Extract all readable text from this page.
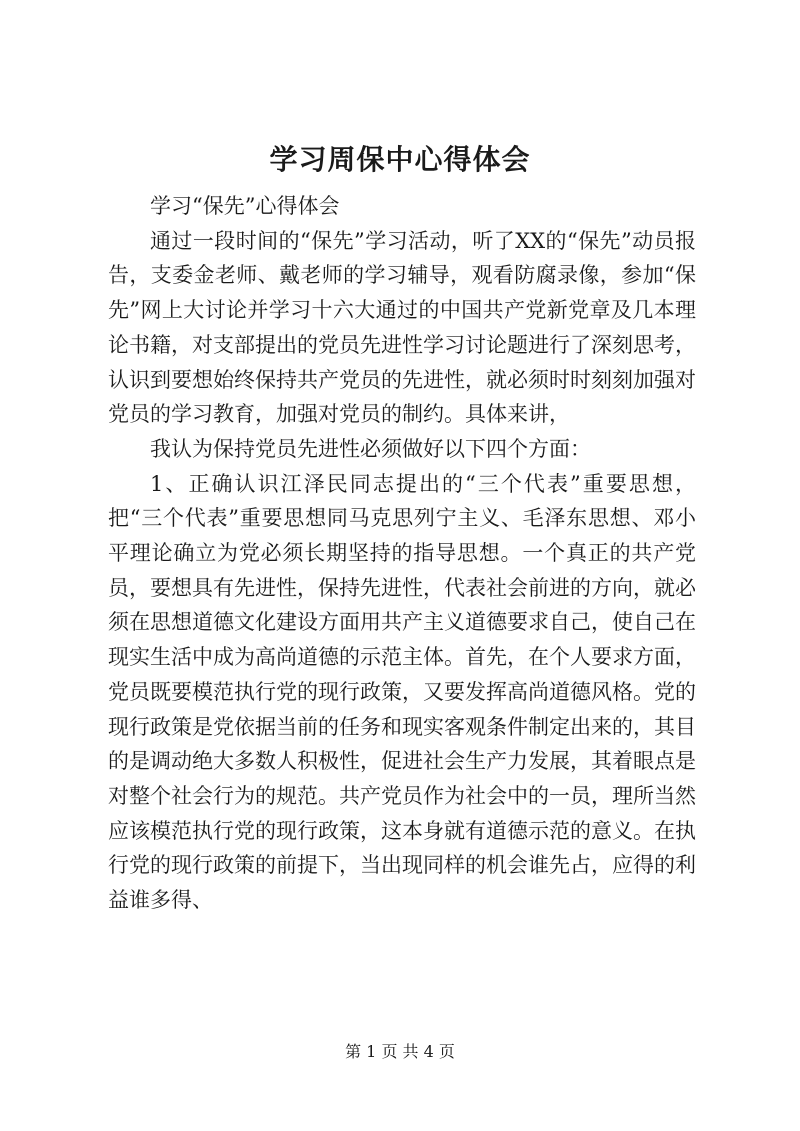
学习周保中心得体会

学习“保先”心得体会

通过一段时间的“保先”学习活动，听了XX的“保先”动员报告，支委金老师、戴老师的学习辅导，观看防腐录像，参加“保先”网上大讨论并学习十六大通过的中国共产党新党章及几本理论书籍，对支部提出的党员先进性学习讨论题进行了深刻思考，认识到要想始终保持共产党员的先进性，就必须时时刻刻加强对党员的学习教育，加强对党员的制约。具体来讲，

我认为保持党员先进性必须做好以下四个方面：

1、正确认识江泽民同志提出的“三个代表”重要思想，把“三个代表”重要思想同马克思列宁主义、毛泽东思想、邓小平理论确立为党必须长期坚持的指导思想。一个真正的共产党员，要想具有先进性，保持先进性，代表社会前进的方向，就必须在思想道德文化建设方面用共产主义道德要求自己，使自己在现实生活中成为高尚道德的示范主体。首先，在个人要求方面，党员既要模范执行党的现行政策，又要发挥高尚道德风格。党的现行政策是党依据当前的任务和现实客观条件制定出来的，其目的是调动绝大多数人积极性，促进社会生产力发展，其着眼点是对整个社会行为的规范。共产党员作为社会中的一员，理所当然应该模范执行党的现行政策，这本身就有道德示范的意义。在执行党的现行政策的前提下，当出现同样的机会谁先占，应得的利益谁多得、

第 1 页 共 4 页
